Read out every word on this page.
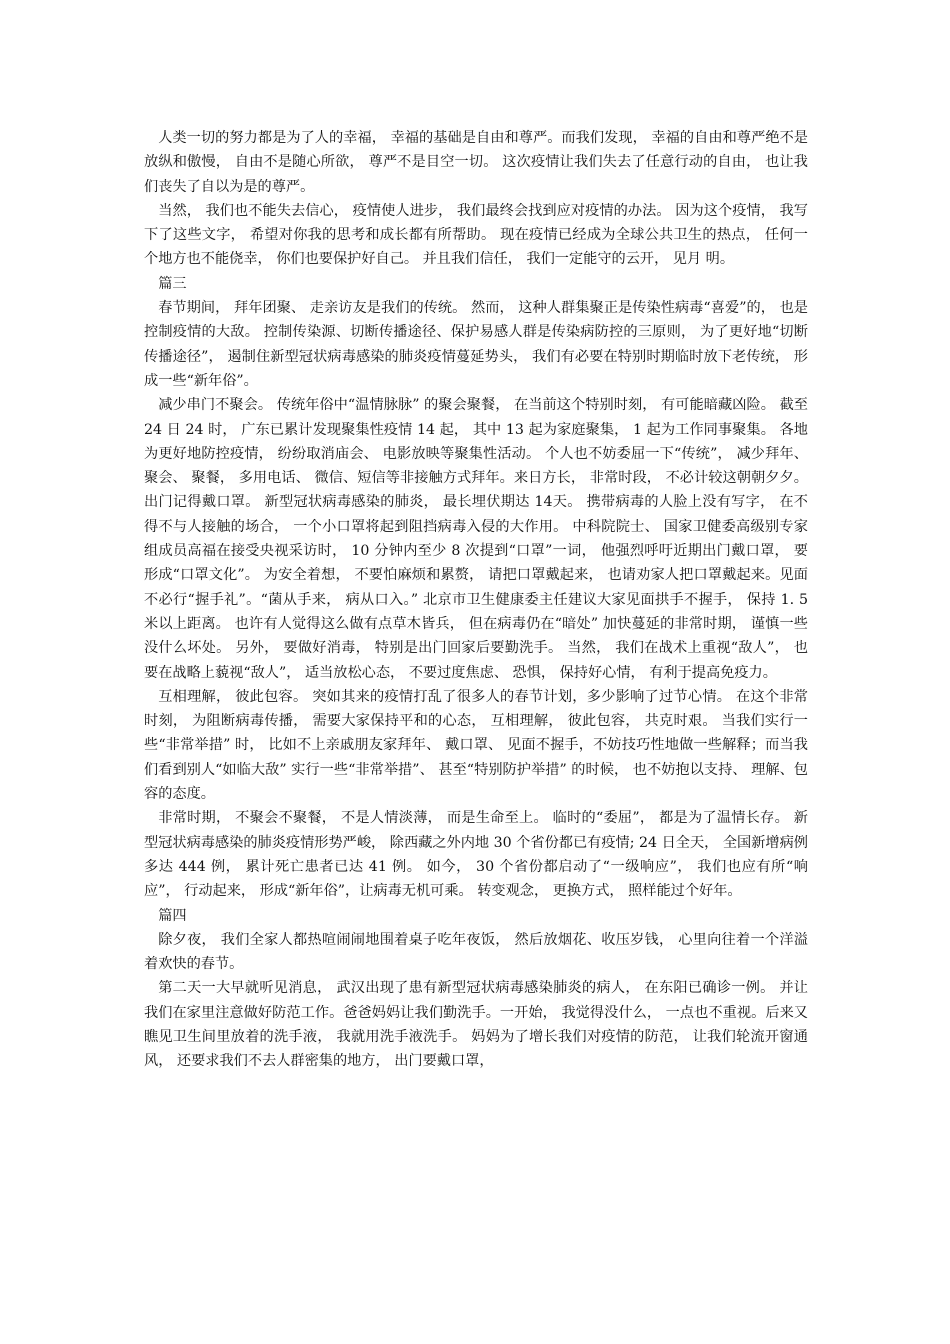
人类一切的努力都是为了人的幸福， 幸福的基础是自由和尊严。而我们发现， 幸福的自由和尊严绝不是放纵和傲慢， 自由不是随心所欲， 尊严不是目空一切。 这次疫情让我们失去了任意行动的自由， 也让我们丧失了自以为是的尊严。

当然， 我们也不能失去信心， 疫情使人进步， 我们最终会找到应对疫情的办法。 因为这个疫情， 我写下了这些文字， 希望对你我的思考和成长都有所帮助。 现在疫情已经成为全球公共卫生的热点， 任何一个地方也不能侥幸， 你们也要保护好自己。 并且我们信任， 我们一定能守的云开， 见月 明。

篇三

春节期间， 拜年团聚、 走亲访友是我们的传统。 然而， 这种人群集聚正是传染性病毒“喜爱”的， 也是控制疫情的大敌。 控制传染源、切断传播途径、保护易感人群是传染病防控的三原则， 为了更好地“切断传播途径”， 遏制住新型冠状病毒感染的肺炎疫情蔓延势头， 我们有必要在特别时期临时放下老传统， 形成一些“新年俗”。

减少串门不聚会。 传统年俗中“温情脉脉” 的聚会聚餐， 在当前这个特别时刻， 有可能暗藏凶险。 截至 24 日 24 时， 广东已累计发现聚集性疫情 14 起， 其中 13 起为家庭聚集， 1 起为工作同事聚集。 各地为更好地防控疫情， 纷纷取消庙会、 电影放映等聚集性活动。 个人也不妨委屈一下“传统”， 减少拜年、 聚会、 聚餐， 多用电话、 微信、短信等非接触方式拜年。来日方长， 非常时段， 不必计较这朝朝夕夕。出门记得戴口罩。 新型冠状病毒感染的肺炎， 最长埋伏期达 14天。 携带病毒的人脸上没有写字， 在不得不与人接触的场合， 一个小口罩将起到阻挡病毒入侵的大作用。 中科院院士、 国家卫健委高级别专家组成员高福在接受央视采访时， 10 分钟内至少 8 次提到“口罩”一词， 他强烈呼吁近期出门戴口罩， 要形成“口罩文化”。 为安全着想， 不要怕麻烦和累赘， 请把口罩戴起来， 也请劝家人把口罩戴起来。见面不必行“握手礼”。“菌从手来， 病从口入。” 北京市卫生健康委主任建议大家见面拱手不握手， 保持 1. 5 米以上距离。 也许有人觉得这么做有点草木皆兵， 但在病毒仍在“暗处” 加快蔓延的非常时期， 谨慎一些没什么坏处。 另外， 要做好消毒， 特别是出门回家后要勤洗手。 当然， 我们在战术上重视“敌人”， 也要在战略上藐视“敌人”， 适当放松心态， 不要过度焦虑、 恐惧， 保持好心情， 有利于提高免疫力。

互相理解， 彼此包容。 突如其来的疫情打乱了很多人的春节计划，多少影响了过节心情。 在这个非常时刻， 为阻断病毒传播， 需要大家保持平和的心态， 互相理解， 彼此包容， 共克时艰。 当我们实行一些“非常举措” 时， 比如不上亲戚朋友家拜年、 戴口罩、 见面不握手，不妨技巧性地做一些解释；而当我们看到别人“如临大敌” 实行一些“非常举措”、 甚至“特别防护举措” 的时候， 也不妨抱以支持、 理解、包容的态度。

非常时期， 不聚会不聚餐， 不是人情淡薄， 而是生命至上。 临时的“委屈”， 都是为了温情长存。 新型冠状病毒感染的肺炎疫情形势严峻， 除西藏之外内地 30 个省份都已有疫情; 24 日全天， 全国新增病例多达 444 例， 累计死亡患者已达 41 例。 如今， 30 个省份都启动了“一级响应”， 我们也应有所“响应”， 行动起来， 形成“新年俗”，让病毒无机可乘。 转变观念， 更换方式， 照样能过个好年。

篇四

除夕夜， 我们全家人都热喧闹闹地围着桌子吃年夜饭， 然后放烟花、收压岁钱， 心里向往着一个洋溢着欢快的春节。

第二天一大早就听见消息， 武汉出现了患有新型冠状病毒感染肺炎的病人， 在东阳已确诊一例。 并让我们在家里注意做好防范工作。爸爸妈妈让我们勤洗手。一开始， 我觉得没什么， 一点也不重视。后来又瞧见卫生间里放着的洗手液， 我就用洗手液洗手。 妈妈为了增长我们对疫情的防范， 让我们轮流开窗通风， 还要求我们不去人群密集的地方， 出门要戴口罩，
